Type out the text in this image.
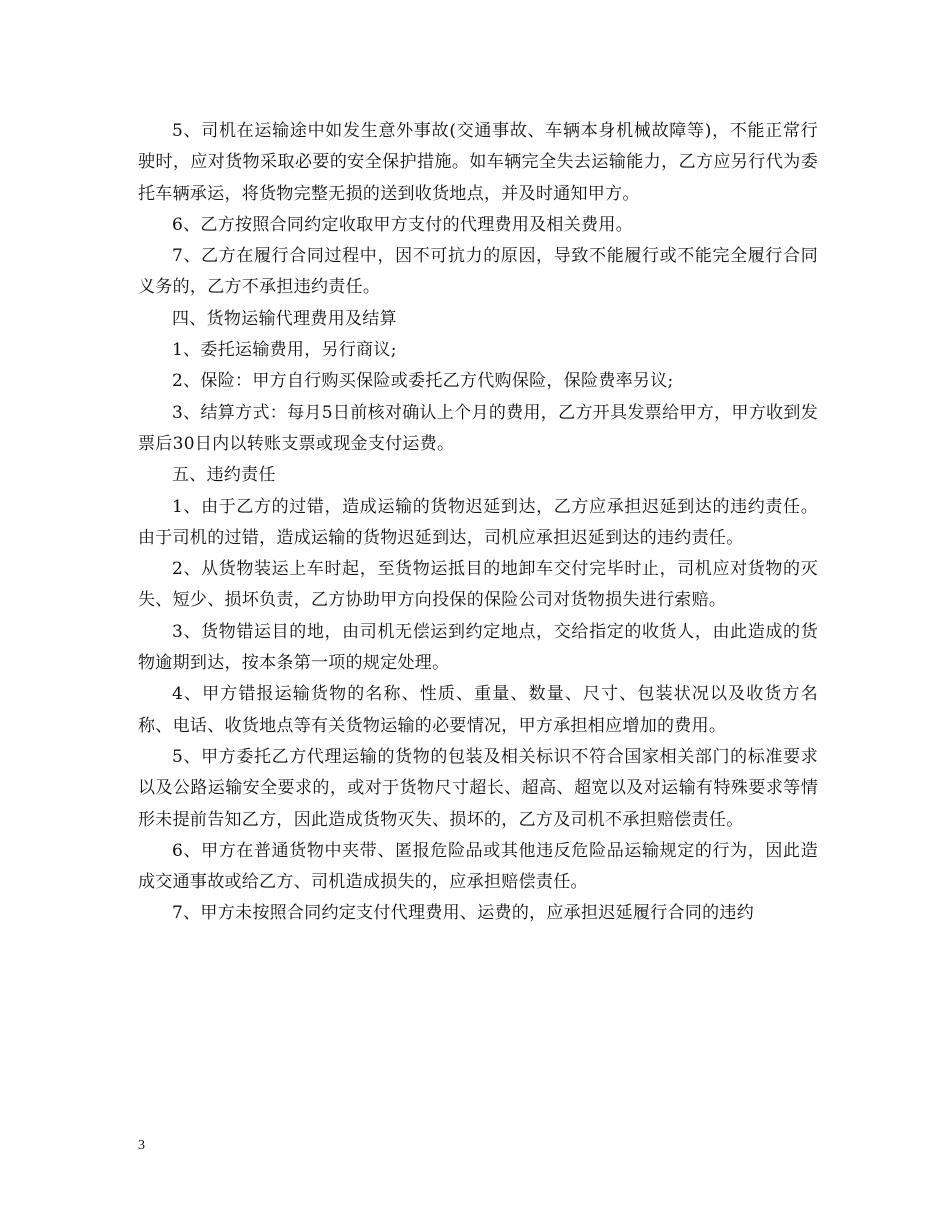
5、司机在运输途中如发生意外事故(交通事故、车辆本身机械故障等)，不能正常行驶时，应对货物采取必要的安全保护措施。如车辆完全失去运输能力，乙方应另行代为委托车辆承运，将货物完整无损的送到收货地点，并及时通知甲方。

6、乙方按照合同约定收取甲方支付的代理费用及相关费用。

7、乙方在履行合同过程中，因不可抗力的原因，导致不能履行或不能完全履行合同义务的，乙方不承担违约责任。

四、货物运输代理费用及结算

1、委托运输费用，另行商议;

2、保险：甲方自行购买保险或委托乙方代购保险，保险费率另议;

3、结算方式：每月5日前核对确认上个月的费用，乙方开具发票给甲方，甲方收到发票后30日内以转账支票或现金支付运费。

五、违约责任

1、由于乙方的过错，造成运输的货物迟延到达，乙方应承担迟延到达的违约责任。由于司机的过错，造成运输的货物迟延到达，司机应承担迟延到达的违约责任。

2、从货物装运上车时起，至货物运抵目的地卸车交付完毕时止，司机应对货物的灭失、短少、损坏负责，乙方协助甲方向投保的保险公司对货物损失进行索赔。

3、货物错运目的地，由司机无偿运到约定地点，交给指定的收货人，由此造成的货物逾期到达，按本条第一项的规定处理。

4、甲方错报运输货物的名称、性质、重量、数量、尺寸、包装状况以及收货方名称、电话、收货地点等有关货物运输的必要情况，甲方承担相应增加的费用。

5、甲方委托乙方代理运输的货物的包装及相关标识不符合国家相关部门的标准要求以及公路运输安全要求的，或对于货物尺寸超长、超高、超宽以及对运输有特殊要求等情形未提前告知乙方，因此造成货物灭失、损坏的，乙方及司机不承担赔偿责任。

6、甲方在普通货物中夹带、匿报危险品或其他违反危险品运输规定的行为，因此造成交通事故或给乙方、司机造成损失的，应承担赔偿责任。

7、甲方未按照合同约定支付代理费用、运费的，应承担迟延履行合同的违约

3
